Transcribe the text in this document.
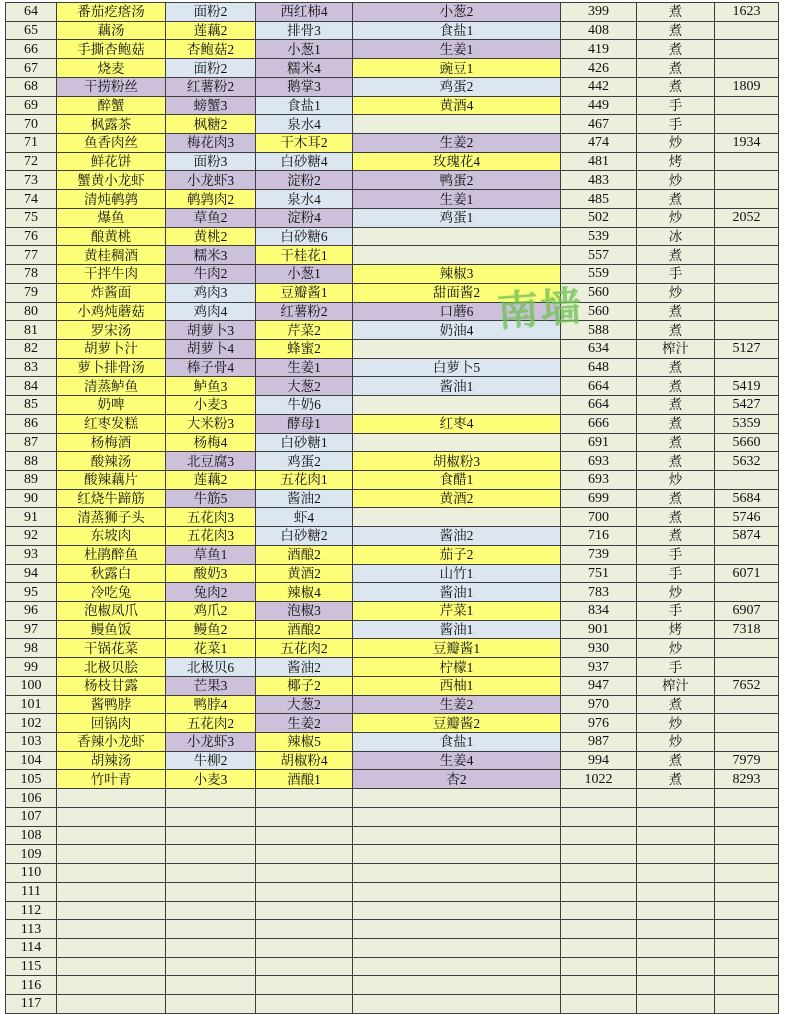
64	番茄疙瘩汤	面粉2	西红柿4	小葱2	399	煮	1623
65	藕汤	莲藕2	排骨3	食盐1	408	煮	
66	手撕杏鲍菇	杏鲍菇2	小葱1	生姜1	419	煮	
67	烧麦	面粉2	糯米4	豌豆1	426	煮	
68	干捞粉丝	红薯粉2	鹅掌3	鸡蛋2	442	煮	1809
69	醉蟹	螃蟹3	食盐1	黄酒4	449	手	
70	枫露茶	枫糖2	泉水4		467	手	
71	鱼香肉丝	梅花肉3	干木耳2	生姜2	474	炒	1934
72	鲜花饼	面粉3	白砂糖4	玫瑰花4	481	烤	
73	蟹黄小龙虾	小龙虾3	淀粉2	鸭蛋2	483	炒	
74	清炖鹌鹑	鹌鹑肉2	泉水4	生姜1	485	煮	
75	爆鱼	草鱼2	淀粉4	鸡蛋1	502	炒	2052
76	酿黄桃	黄桃2	白砂糖6		539	冰	
77	黄桂稠酒	糯米3	干桂花1		557	煮	
78	干拌牛肉	牛肉2	小葱1	辣椒3	559	手	
79	炸酱面	鸡肉3	豆瓣酱1	甜面酱2	560	炒	
80	小鸡炖蘑菇	鸡肉4	红薯粉2	口蘑6	560	煮	
81	罗宋汤	胡萝卜3	芹菜2	奶油4	588	煮	
82	胡萝卜汁	胡萝卜4	蜂蜜2		634	榨汁	5127
83	萝卜排骨汤	棒子骨4	生姜1	白萝卜5	648	煮	
84	清蒸鲈鱼	鲈鱼3	大葱2	酱油1	664	煮	5419
85	奶啤	小麦3	牛奶6		664	煮	5427
86	红枣发糕	大米粉3	酵母1	红枣4	666	煮	5359
87	杨梅酒	杨梅4	白砂糖1		691	煮	5660
88	酸辣汤	北豆腐3	鸡蛋2	胡椒粉3	693	煮	5632
89	酸辣藕片	莲藕2	五花肉1	食醋1	693	炒	
90	红烧牛蹄筋	牛筋5	酱油2	黄酒2	699	煮	5684
91	清蒸狮子头	五花肉3	虾4		700	煮	5746
92	东坡肉	五花肉3	白砂糖2	酱油2	716	煮	5874
93	杜鹃醉鱼	草鱼1	酒酿2	茄子2	739	手	
94	秋露白	酸奶3	黄酒2	山竹1	751	手	6071
95	冷吃兔	兔肉2	辣椒4	酱油1	783	炒	
96	泡椒凤爪	鸡爪2	泡椒3	芹菜1	834	手	6907
97	鳗鱼饭	鳗鱼2	酒酿2	酱油1	901	烤	7318
98	干锅花菜	花菜1	五花肉2	豆瓣酱1	930	炒	
99	北极贝脍	北极贝6	酱油2	柠檬1	937	手	
100	杨枝甘露	芒果3	椰子2	西柚1	947	榨汁	7652
101	酱鸭脖	鸭脖4	大葱2	生姜2	970	煮	
102	回锅肉	五花肉2	生姜2	豆瓣酱2	976	炒	
103	香辣小龙虾	小龙虾3	辣椒5	食盐1	987	炒	
104	胡辣汤	牛柳2	胡椒粉4	生姜4	994	煮	7979
105	竹叶青	小麦3	酒酿1	杏2	1022	煮	8293
106							
107							
108							
109							
110							
111							
112							
113							
114							
115							
116							
117							
南墙
